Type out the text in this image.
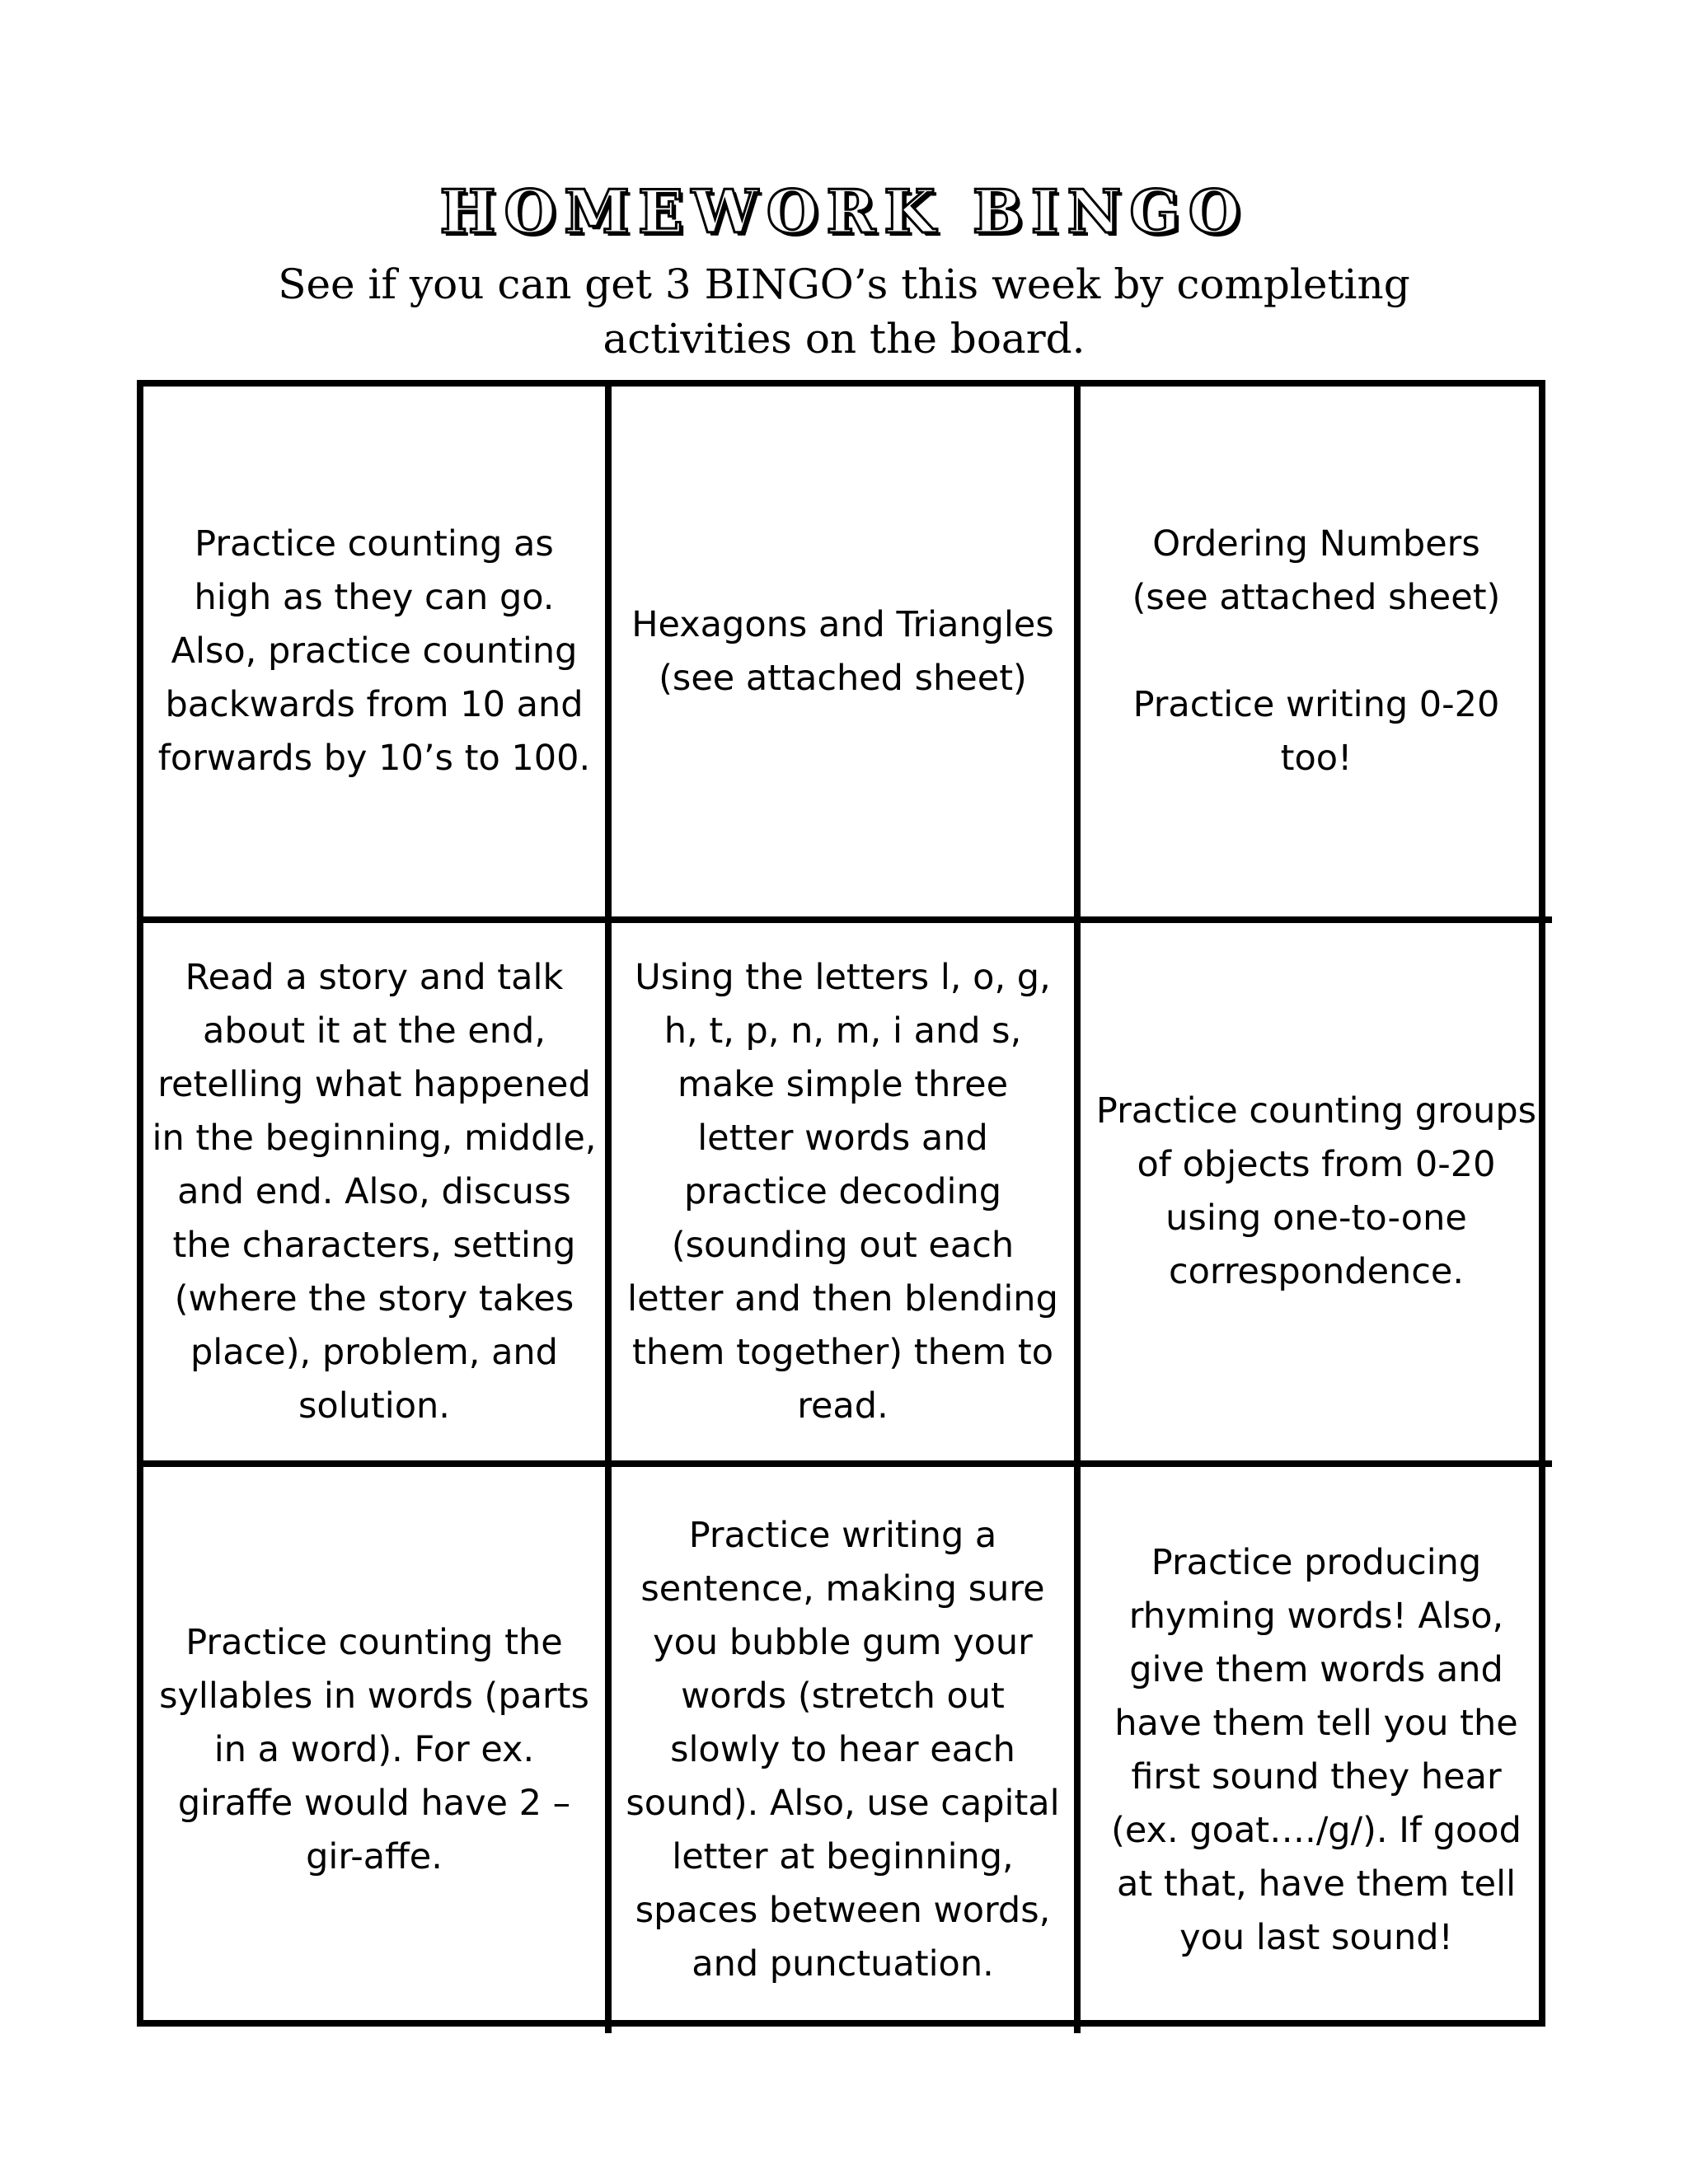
HOMEWORK BINGO
See if you can get 3 BINGO’s this week by completing
activities on the board.
Practice counting as
high as they can go.
Also, practice counting
backwards from 10 and
forwards by 10’s to 100.
Hexagons and Triangles
(see attached sheet)
Ordering Numbers
(see attached sheet)

Practice writing 0-20
too!
Read a story and talk
about it at the end,
retelling what happened
in the beginning, middle,
and end. Also, discuss
the characters, setting
(where the story takes
place), problem, and
solution.
Using the letters l, o, g,
h, t, p, n, m, i and s,
make simple three
letter words and
practice decoding
(sounding out each
letter and then blending
them together) them to
read.
Practice counting groups
of objects from 0-20
using one-to-one
correspondence.
Practice counting the
syllables in words (parts
in a word). For ex.
giraffe would have 2 –
gir-affe.
Practice writing a
sentence, making sure
you bubble gum your
words (stretch out
slowly to hear each
sound). Also, use capital
letter at beginning,
spaces between words,
and punctuation.
Practice producing
rhyming words! Also,
give them words and
have them tell you the
first sound they hear
(ex. goat…./g/). If good
at that, have them tell
you last sound!
